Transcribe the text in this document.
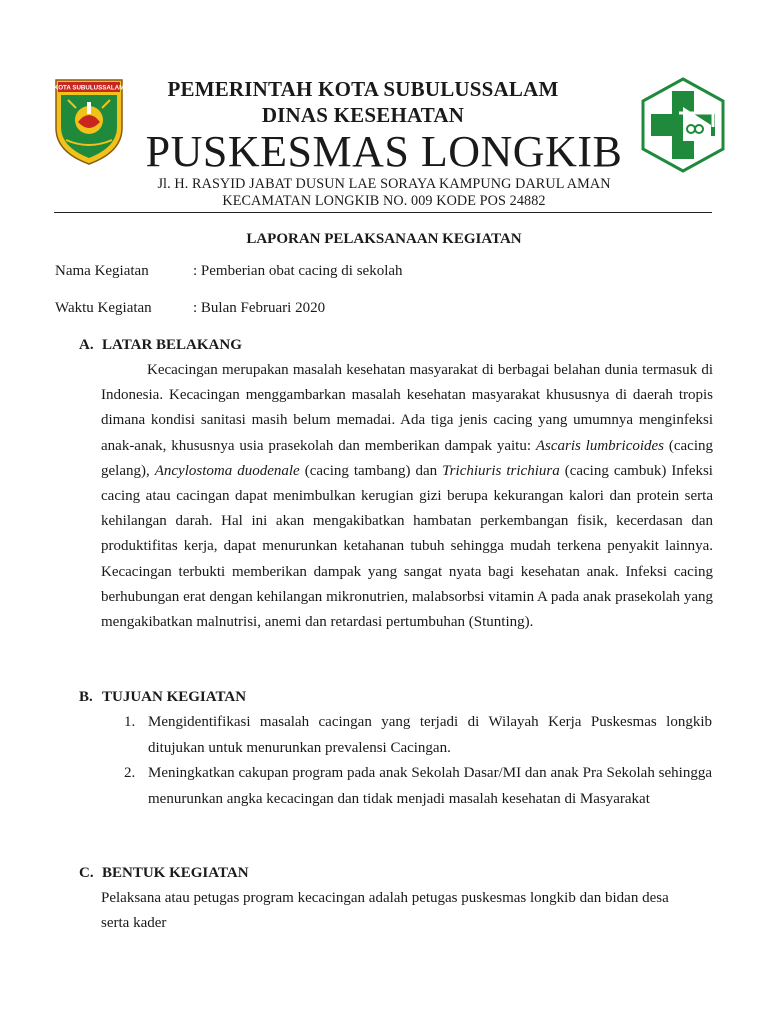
KOTA SUBULUSSALAM	PEMERINTAH KOTA SUBULUSSALAM
DINAS KESEHATAN
PUSKESMAS LONGKIB
Jl. H. RASYID JABAT DUSUN LAE SORAYA KAMPUNG DARUL AMAN
KECAMATAN LONGKIB NO. 009 KODE POS 24882
LAPORAN PELAKSANAAN KEGIATAN
Nama Kegiatan	: Pemberian obat cacing di sekolah
Waktu Kegiatan	: Bulan Februari 2020
A. LATAR BELAKANG

Kecacingan merupakan masalah kesehatan masyarakat di berbagai belahan dunia termasuk di Indonesia. Kecacingan menggambarkan masalah kesehatan masyarakat khususnya di daerah tropis dimana kondisi sanitasi masih belum memadai. Ada tiga jenis cacing yang umumnya menginfeksi anak-anak, khususnya usia prasekolah dan memberikan dampak yaitu: Ascaris lumbricoides (cacing gelang), Ancylostoma duodenale (cacing tambang) dan Trichiuris trichiura (cacing cambuk) Infeksi cacing atau cacingan dapat menimbulkan kerugian gizi berupa kekurangan kalori dan protein serta kehilangan darah. Hal ini akan mengakibatkan hambatan perkembangan fisik, kecerdasan dan produktifitas kerja, dapat menurunkan ketahanan tubuh sehingga mudah terkena penyakit lainnya. Kecacingan terbukti memberikan dampak yang sangat nyata bagi kesehatan anak. Infeksi cacing berhubungan erat dengan kehilangan mikronutrien, malabsorbsi vitamin A pada anak prasekolah yang mengakibatkan malnutrisi, anemi dan retardasi pertumbuhan (Stunting).

B. TUJUAN KEGIATAN
1. Mengidentifikasi masalah cacingan yang terjadi di Wilayah Kerja Puskesmas longkib ditujukan untuk menurunkan prevalensi Cacingan.

2. Meningkatkan cakupan program pada anak Sekolah Dasar/MI dan anak Pra Sekolah sehingga menurunkan angka kecacingan dan tidak menjadi masalah kesehatan di Masyarakat

C. BENTUK KEGIATAN

Pelaksana atau petugas program kecacingan adalah petugas puskesmas longkib dan bidan desa serta kader
